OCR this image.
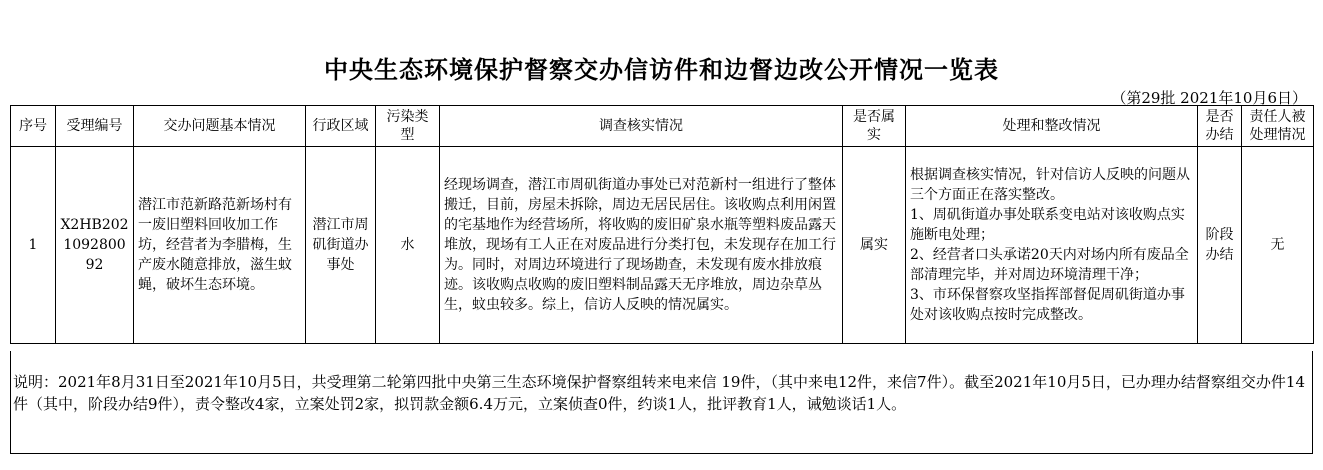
中央生态环境保护督察交办信访件和边督边改公开情况一览表
（第29批 2021年10月6日）
序号	受理编号	交办问题基本情况	行政区域	污染类型	调查核实情况	是否属实	处理和整改情况	是否办结	责任人被处理情况
1	X2HB202109280092	潜江市范新路范新场村有一废旧塑料回收加工作坊，经营者为李腊梅，生产废水随意排放，滋生蚊蝇，破坏生态环境。	潜江市周矶街道办事处	水	经现场调查，潜江市周矶街道办事处已对范新村一组进行了整体搬迁，目前，房屋未拆除，周边无居民居住。该收购点利用闲置的宅基地作为经营场所，将收购的废旧矿泉水瓶等塑料废品露天堆放，现场有工人正在对废品进行分类打包，未发现存在加工行为。同时，对周边环境进行了现场勘查，未发现有废水排放痕迹。该收购点收购的废旧塑料制品露天无序堆放，周边杂草丛生，蚊虫较多。综上，信访人反映的情况属实。	属实	根据调查核实情况，针对信访人反映的问题从三个方面正在落实整改。
1、周矶街道办事处联系变电站对该收购点实施断电处理；
2、经营者口头承诺20天内对场内所有废品全部清理完毕，并对周边环境清理干净；
3、市环保督察攻坚指挥部督促周矶街道办事处对该收购点按时完成整改。	阶段办结	无
说明：2021年8月31日至2021年10月5日，共受理第二轮第四批中央第三生态环境保护督察组转来电来信 19件，（其中来电12件，来信7件）。截至2021年10月5日，已办理办结督察组交办件14件（其中，阶段办结9件），责令整改4家，立案处罚2家，拟罚款金额6.4万元，立案侦查0件，约谈1人，批评教育1人，诫勉谈话1人。
